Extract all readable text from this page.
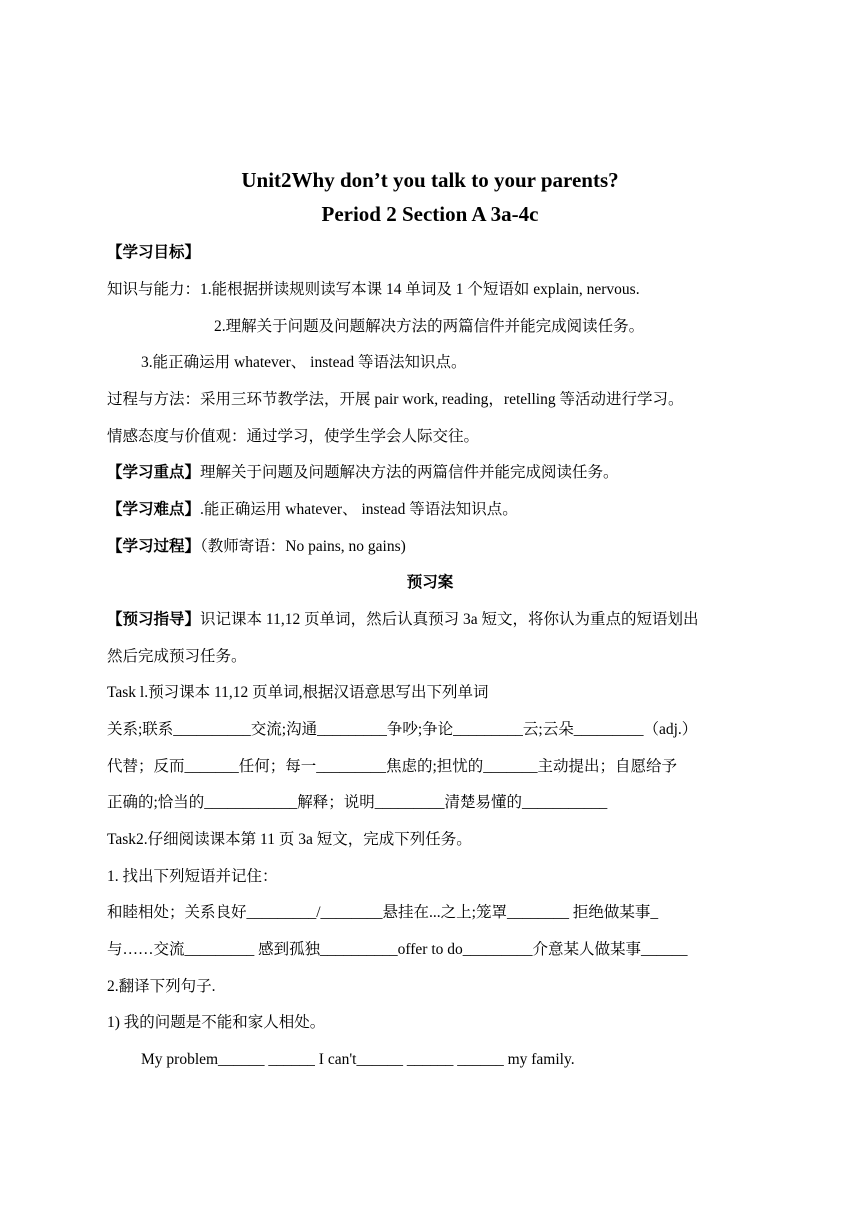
Unit2Why don’t you talk to your parents?
Period 2 Section A 3a-4c
【学习目标】
知识与能力：1.能根据拼读规则读写本课 14 单词及 1 个短语如 explain, nervous.
2.理解关于问题及问题解决方法的两篇信件并能完成阅读任务。
3.能正确运用 whatever、 instead 等语法知识点。
过程与方法：采用三环节教学法，开展 pair work, reading，retelling 等活动进行学习。
情感态度与价值观：通过学习，使学生学会人际交往。
【学习重点】理解关于问题及问题解决方法的两篇信件并能完成阅读任务。
【学习难点】.能正确运用 whatever、 instead 等语法知识点。
【学习过程】（教师寄语：No pains, no gains)
预习案
【预习指导】识记课本 11,12 页单词，然后认真预习 3a 短文，将你认为重点的短语划出
然后完成预习任务。
Task l.预习课本 11,12 页单词,根据汉语意思写出下列单词
关系;联系__________交流;沟通_________争吵;争论_________云;云朵_________（adj.）
代替；反而_______任何；每一_________焦虑的;担忧的_______主动提出；自愿给予
正确的;恰当的____________解释；说明_________清楚易懂的___________
Task2.仔细阅读课本第 11 页 3a 短文，完成下列任务。
1. 找出下列短语并记住：
和睦相处；关系良好_________/________悬挂在...之上;笼罩________ 拒绝做某事_
与……交流_________ 感到孤独__________offer to do_________介意某人做某事______
2.翻译下列句子.
1) 我的问题是不能和家人相处。
My problem______ ______ I can't______ ______ ______ my family.
